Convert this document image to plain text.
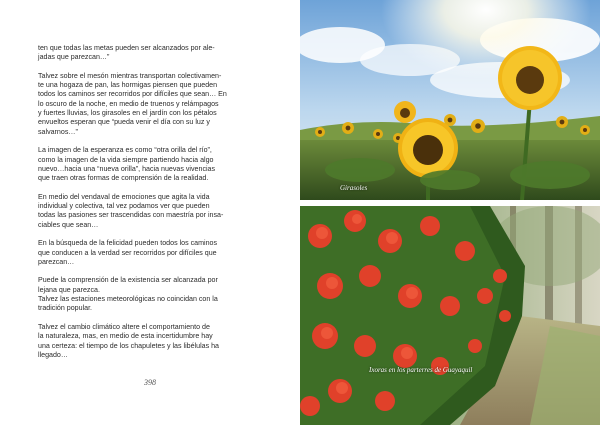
ten que todas las metas pueden ser alcanzados por ale-
jadas que parezcan…”

Talvez sobre el mesón mientras transportan colectivamen-
te una hogaza de pan, las hormigas piensen que pueden
todos los caminos ser recorridos por difíciles que sean… En
lo oscuro de la noche, en medio de truenos y relámpagos
y fuertes lluvias, los girasoles en el jardín con los pétalos
envueltos esperan que “pueda venir el día con su luz y
salvarnos…”

La imagen de la esperanza es como “otra orilla del río”,
como la imagen de la vida siempre partiendo hacia algo
nuevo…hacia una “nueva orilla”, hacia nuevas vivencias
que traen otras formas de comprensión de la realidad.

En medio del vendaval de emociones que agita la vida
individual y colectiva, tal vez podamos ver que pueden
todas las pasiones ser trascendidas con maestría por insa-
ciables que sean…

En la búsqueda de la felicidad pueden todos los caminos
que conducen a la verdad ser recorridos por difíciles que
parezcan…

Puede la comprensión de la existencia ser alcanzada por
lejana que parezca.
Talvez las estaciones meteorológicas no coincidan con la
tradición popular.

Talvez el cambio climático altere el comportamiento de
la naturaleza, mas, en medio de esta incertidumbre hay
una certeza: el tiempo de los chapuletes y las libélulas ha
llegado…

398
Girasoles
Ixoras en los parterres de Guayaquil
